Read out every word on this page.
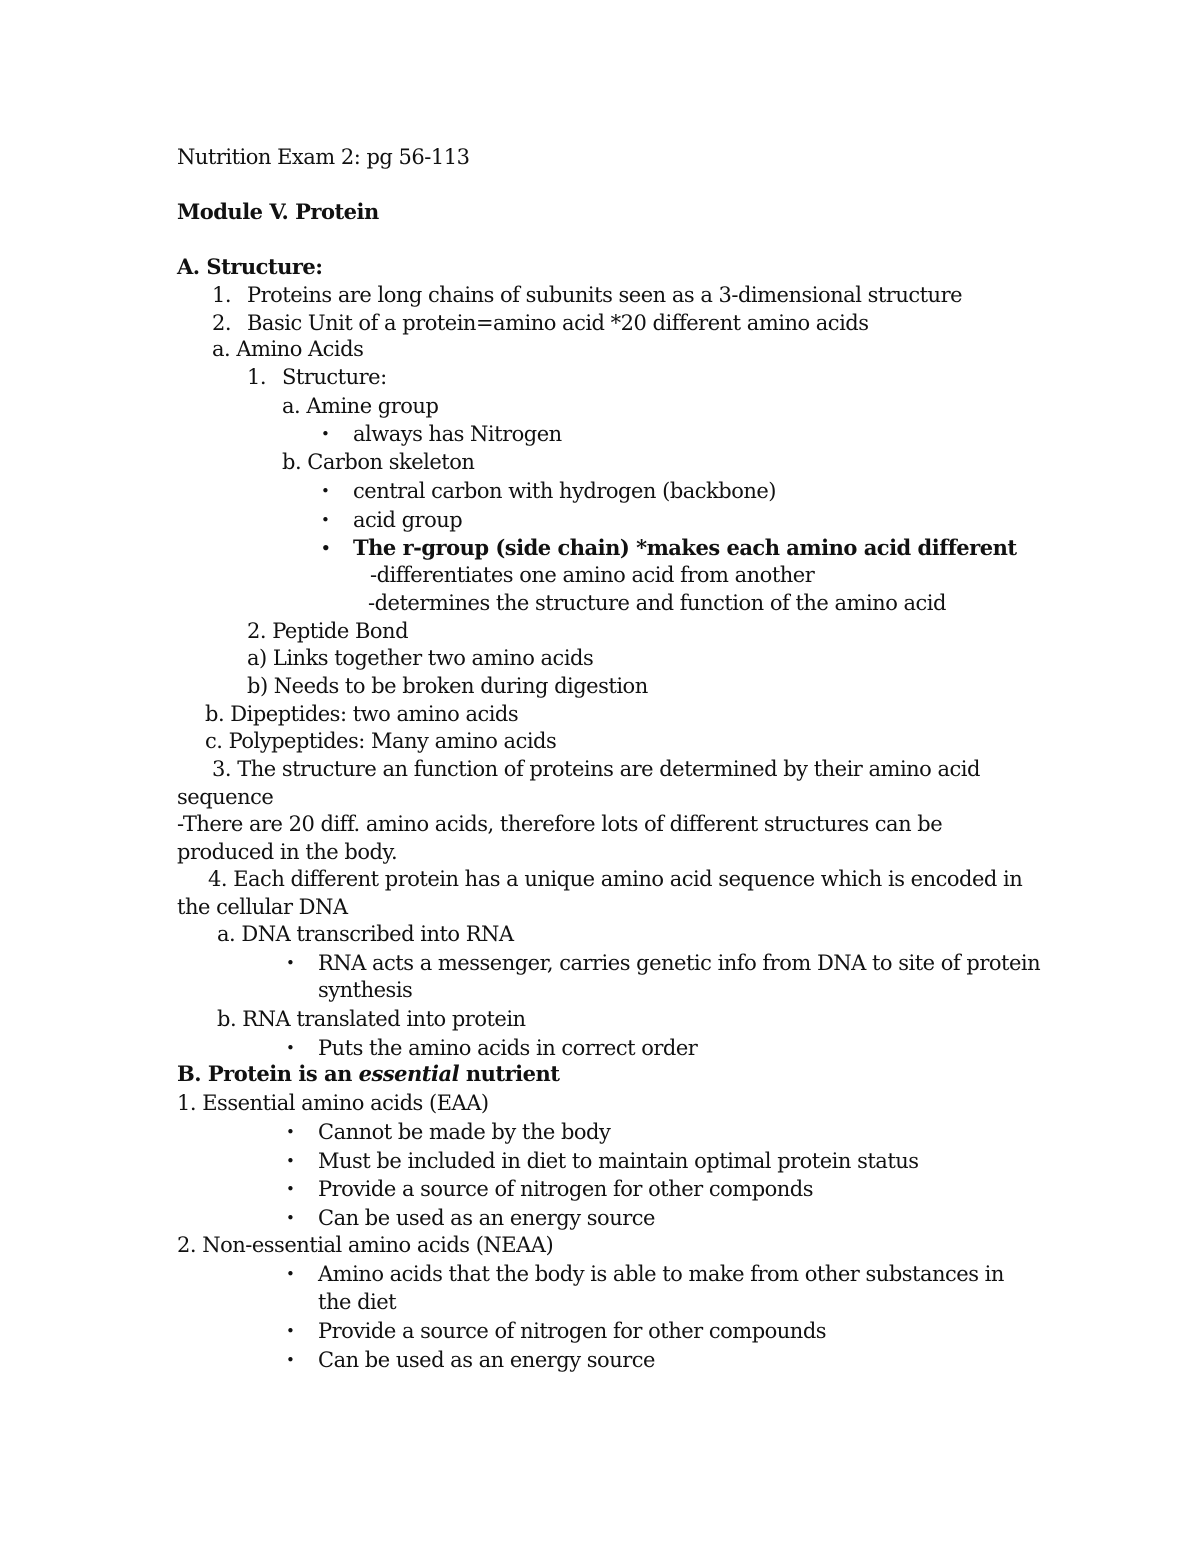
Nutrition Exam 2: pg 56-113

Module V. Protein

A. Structure:

1. Proteins are long chains of subunits seen as a 3-dimensional structure

2. Basic Unit of a protein=amino acid *20 different amino acids

a. Amino Acids

1. Structure:

a. Amine group

• always has Nitrogen

b. Carbon skeleton

• central carbon with hydrogen (backbone)

• acid group

• The r-group (side chain) *makes each amino acid different

-differentiates one amino acid from another

-determines the structure and function of the amino acid

2. Peptide Bond

a) Links together two amino acids

b) Needs to be broken during digestion

b. Dipeptides: two amino acids

c. Polypeptides: Many amino acids

3. The structure an function of proteins are determined by their amino acid

sequence

-There are 20 diff. amino acids, therefore lots of different structures can be

produced in the body.

4. Each different protein has a unique amino acid sequence which is encoded in

the cellular DNA

a. DNA transcribed into RNA

• RNA acts a messenger, carries genetic info from DNA to site of protein

synthesis

b. RNA translated into protein

• Puts the amino acids in correct order

B. Protein is an essential nutrient

1. Essential amino acids (EAA)

• Cannot be made by the body

• Must be included in diet to maintain optimal protein status

• Provide a source of nitrogen for other componds

• Can be used as an energy source

2. Non-essential amino acids (NEAA)

• Amino acids that the body is able to make from other substances in

the diet

• Provide a source of nitrogen for other compounds

• Can be used as an energy source
